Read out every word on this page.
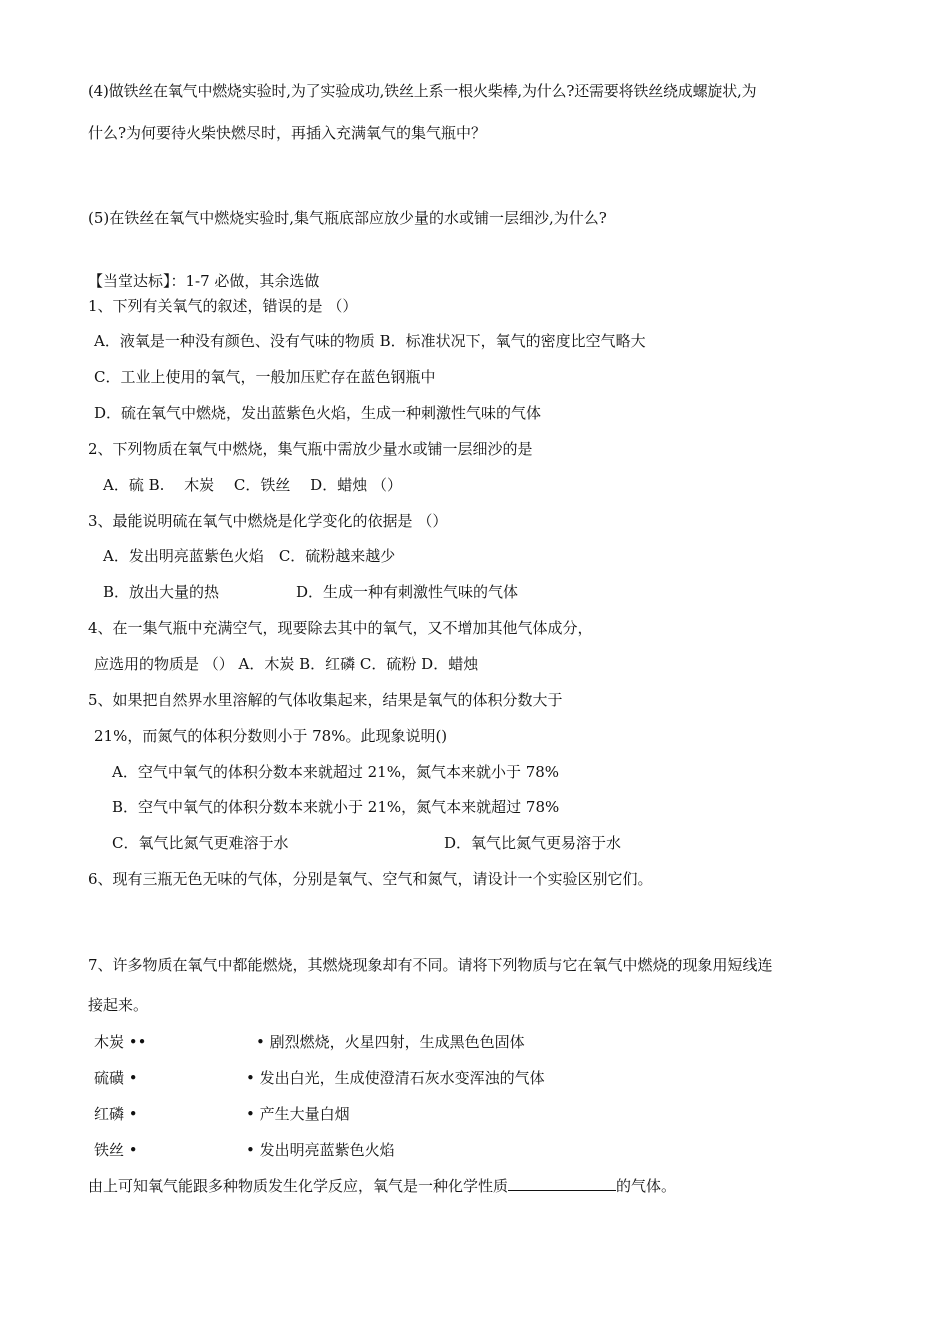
(4)做铁丝在氧气中燃烧实验时,为了实验成功,铁丝上系一根火柴棒,为什么?还需要将铁丝绕成螺旋状,为
什么?为何要待火柴快燃尽时，再插入充满氧气的集气瓶中？
(5)在铁丝在氧气中燃烧实验时,集气瓶底部应放少量的水或铺一层细沙,为什么?
【当堂达标】：1-7 必做，其余选做
1、下列有关氧气的叙述，错误的是 （）
A．液氧是一种没有颜色、没有气味的物质 B．标准状况下，氧气的密度比空气略大
C．工业上使用的氧气，一般加压贮存在蓝色钢瓶中
D．硫在氧气中燃烧，发出蓝紫色火焰，生成一种刺激性气味的气体
2、下列物质在氧气中燃烧，集气瓶中需放少量水或铺一层细沙的是
A．硫 B.　 木炭　 C．铁丝　 D．蜡烛 （）
3、最能说明硫在氧气中燃烧是化学变化的依据是 （）
A．发出明亮蓝紫色火焰　C．硫粉越来越少
B．放出大量的热	D．生成一种有刺激性气味的气体
4、在一集气瓶中充满空气，现要除去其中的氧气，又不增加其他气体成分，
应选用的物质是 （） A．木炭 B．红磷 C．硫粉 D．蜡烛
5、如果把自然界水里溶解的气体收集起来，结果是氧气的体积分数大于
21%，而氮气的体积分数则小于 78%。此现象说明()
A．空气中氧气的体积分数本来就超过 21%，氮气本来就小于 78%
B．空气中氧气的体积分数本来就小于 21%，氮气本来就超过 78%
C．氧气比氮气更难溶于水	D．氧气比氮气更易溶于水
6、现有三瓶无色无味的气体，分别是氧气、空气和氮气，请设计一个实验区别它们。
7、许多物质在氧气中都能燃烧，其燃烧现象却有不同。请将下列物质与它在氧气中燃烧的现象用短线连
接起来。
木炭 ••	• 剧烈燃烧，火星四射，生成黑色色固体
硫磺 •	• 发出白光，生成使澄清石灰水变浑浊的气体
红磷 •	• 产生大量白烟
铁丝 •	• 发出明亮蓝紫色火焰
由上可知氧气能跟多种物质发生化学反应，氧气是一种化学性质	的气体。
